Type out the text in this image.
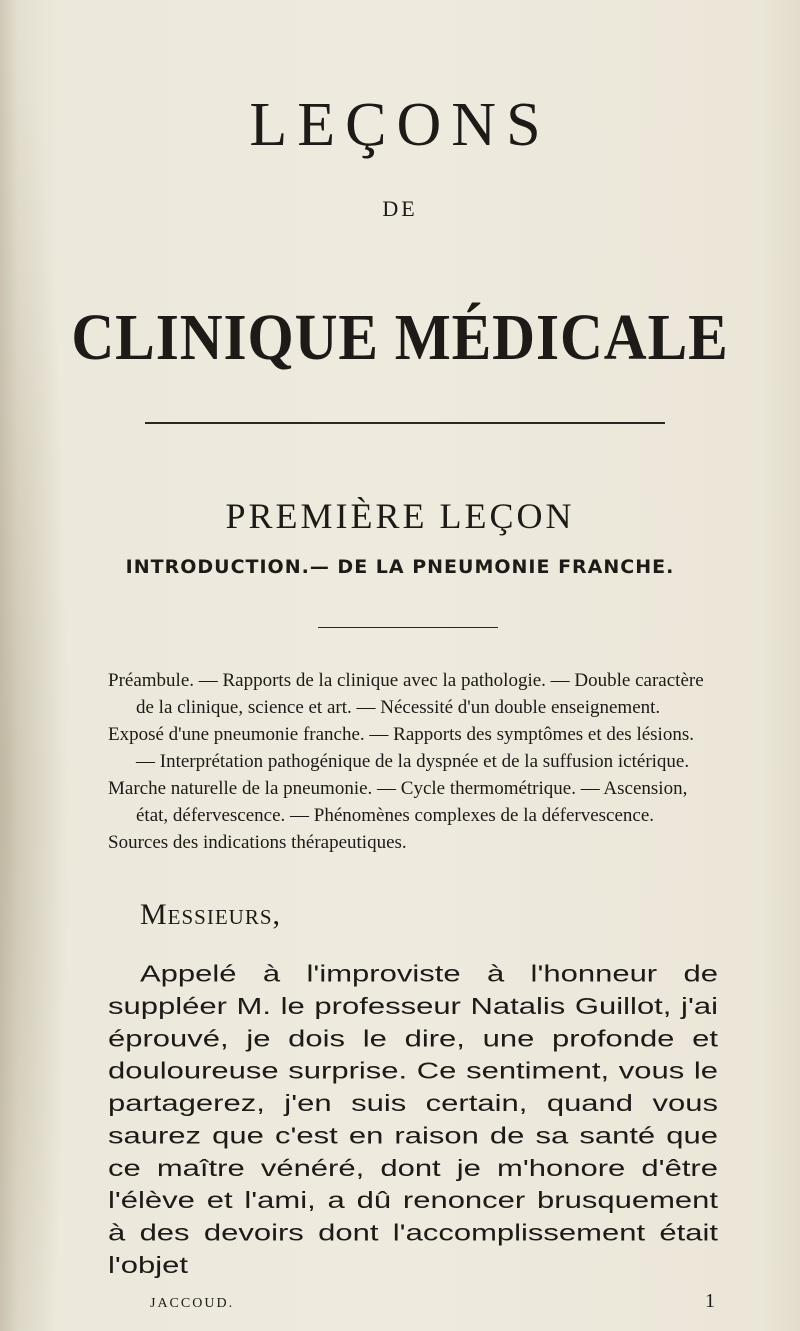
LEÇONS
DE
CLINIQUE MÉDICALE
PREMIÈRE LEÇON
INTRODUCTION.— DE LA PNEUMONIE FRANCHE.
Préambule. — Rapports de la clinique avec la pathologie. — Double caractère de la clinique, science et art. — Nécessité d'un double enseignement.
Exposé d'une pneumonie franche. — Rapports des symptômes et des lésions. — Interprétation pathogénique de la dyspnée et de la suffusion ictérique.
Marche naturelle de la pneumonie. — Cycle thermométrique. — Ascension, état, défervescence. — Phénomènes complexes de la défervescence.
Sources des indications thérapeutiques.
Messieurs,

Appelé à l'improviste à l'honneur de suppléer M. le professeur Natalis Guillot, j'ai éprouvé, je dois le dire, une profonde et douloureuse surprise. Ce sentiment, vous le partagerez, j'en suis certain, quand vous saurez que c'est en raison de sa santé que ce maître vénéré, dont je m'honore d'être l'élève et l'ami, a dû renoncer brusquement à des devoirs dont l'accomplissement était l'objet

JACCOUD.	1
